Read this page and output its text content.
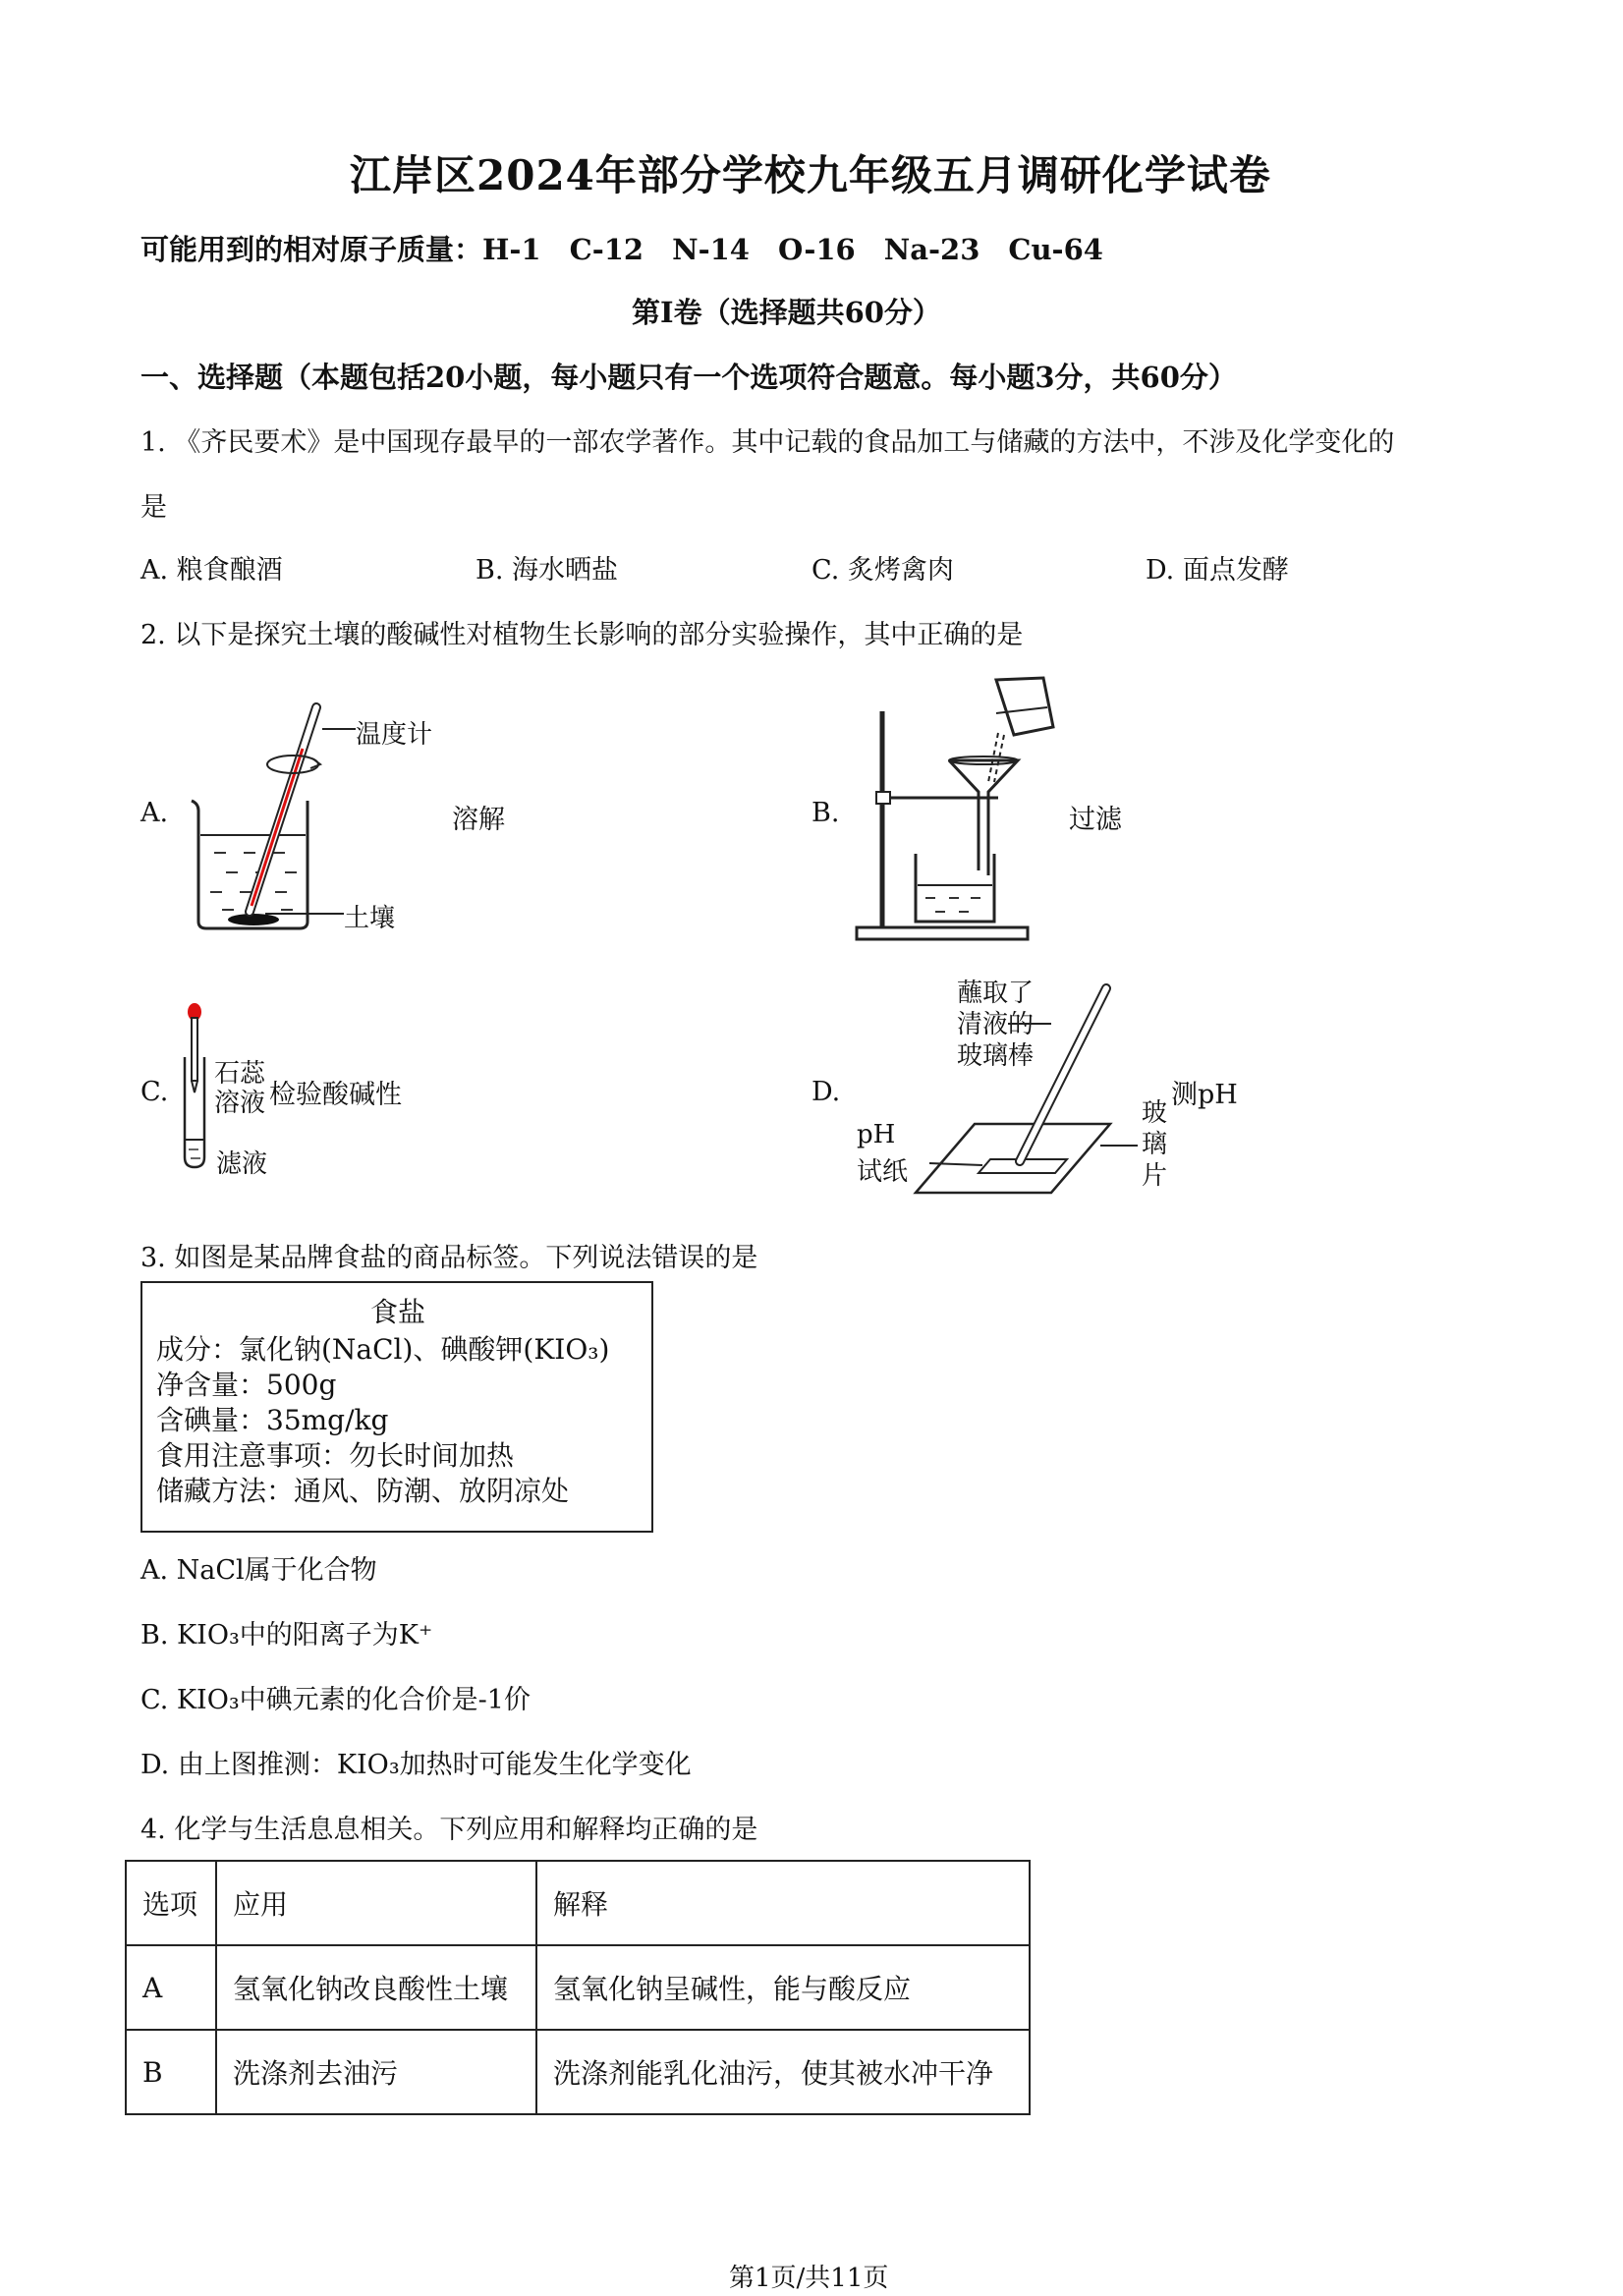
江岸区2024年部分学校九年级五月调研化学试卷
可能用到的相对原子质量：H-1　C-12　N-14　O-16　Na-23　Cu-64
第Ⅰ卷（选择题共60分）
一、选择题（本题包括20小题，每小题只有一个选项符合题意。每小题3分，共60分）
1. 《齐民要术》是中国现存最早的一部农学著作。其中记载的食品加工与储藏的方法中，不涉及化学变化的
是
A. 粮食酿酒	B. 海水晒盐	C. 炙烤禽肉	D. 面点发酵
2. 以下是探究土壤的酸碱性对植物生长影响的部分实验操作，其中正确的是
A.	溶解
温度计
土壤
B.	过滤
C.
石蕊
溶液 检验酸碱性
滤液
D.
蘸取了
清液的
玻璃棒
pH
试纸
测pH
玻
璃
片
3. 如图是某品牌食盐的商品标签。下列说法错误的是
食盐
成分：氯化钠(NaCl)、碘酸钾(KIO₃)
净含量：500g
含碘量：35mg/kg
食用注意事项：勿长时间加热
储藏方法：通风、防潮、放阴凉处
A. NaCl属于化合物
B. KIO₃中的阳离子为K⁺
C. KIO₃中碘元素的化合价是-1价
D. 由上图推测：KIO₃加热时可能发生化学变化
4. 化学与生活息息相关。下列应用和解释均正确的是
选项	应用	解释
A	氢氧化钠改良酸性土壤	氢氧化钠呈碱性，能与酸反应
B	洗涤剂去油污	洗涤剂能乳化油污，使其被水冲干净
第1页/共11页
